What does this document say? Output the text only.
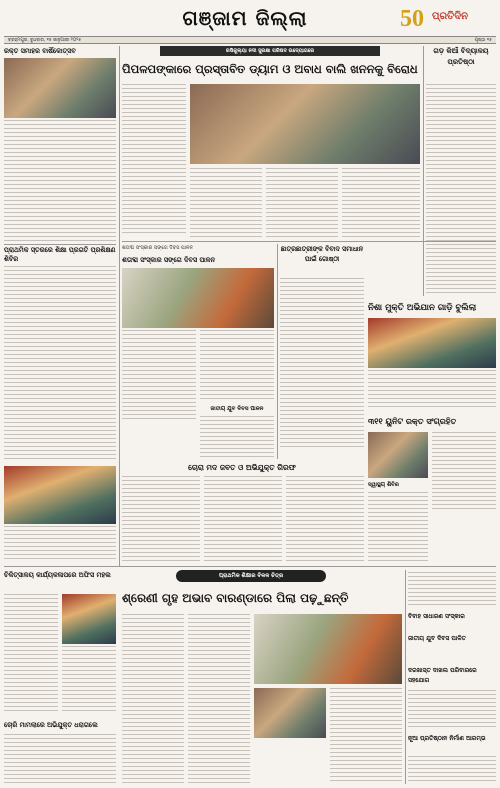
ଗଞ୍ଜାମ ଜିଲ୍ଲା	50 ପ୍ରତିଦିନ
ବ୍ରହ୍ମପୁର, ବୁଧବାର, ୧୫ ଜାନୁଆରୀ ୨୦୨୫	ପୃଷ୍ଠା ୧୫
ରକ୍ତ ସମାହର ବାର୍ଷିକୋତ୍ସବ
ପ୍ରାଥମିକ ସ୍ତରରେ ଶିକ୍ଷା ପ୍ରଗତି ପ୍ରଶିକ୍ଷଣ ଶିବିର
ରଷିକୁଲ୍ୟା ନଦୀ ସୁରକ୍ଷା ପରିଷଦ ଉଦ୍ୟୋଗରେ
ପିପଳପଙ୍କାରେ ପ୍ରସ୍ତାବିତ ଡ୍ୟାମ ଓ ଅବାଧ ବାଲି ଖନନକୁ ବିରୋଧ
ଗଡ଼ କିଆଁ ବିଦ୍ୟାଳୟ ପ୍ରତିଷ୍ଠା
ଶତାବ୍ଦୀ ସଂସ୍କାର ସଙ୍ଗେ ଦିବସ ପାଳନ
ଶତାବ୍ଦୀ ସଂସ୍କାର ସଙ୍ଗେ ଦିବସ ପାଳନ
ଜାତୀୟ ଯୁବ ଦିବସ ପାଳନ
ଛାତ୍ରଛାତ୍ରୀଙ୍କ ବିବାଦ ସମାଧାନ ପାଇଁ ଗୋଷ୍ଠୀ
ନିଶା ମୁକ୍ତି ଅଭିଯାନ ଗାଡ଼ି ବୁଲିଲା
୩୧୧ ୟୁନିଟ ରକ୍ତ ସଂଗ୍ରହିତ
ସ୍ୱାସ୍ଥ୍ୟ ଶିବିର
ଚୋରା ମଦ ଜବତ ଓ ଅଭିଯୁକ୍ତ ଗିରଫ
ପ୍ରାଥମିକ ଶିକ୍ଷାର ବିକଳ ଚିତ୍ର
ଶ୍ରେଣୀ ଗୃହ ଅଭାବ ବାରଣ୍ଡାରେ ପିଲା ପଢ଼ୁଛନ୍ତି
ଚିକିତ୍ସାଳୟ କାର୍ଯ୍ୟକଳାପରେ ଅଫିସ ମହଲ
ଚୋରି ମାମଲାରେ ଅଭିଯୁକ୍ତ ଧରାଗଲେ
ବିବାହ ସାଧାରଣ ସଂସ୍କାର
ଜାତୀୟ ଯୁବ ଦିବସ ପାଳିତ
ଦରଖାସ୍ତ ଦାଖଲ ପରିବାରରେ ସହଯୋଗ
ନୂଆ ପ୍ରତିଷ୍ଠାନ ନିର୍ମାଣ ଆରମ୍ଭ
